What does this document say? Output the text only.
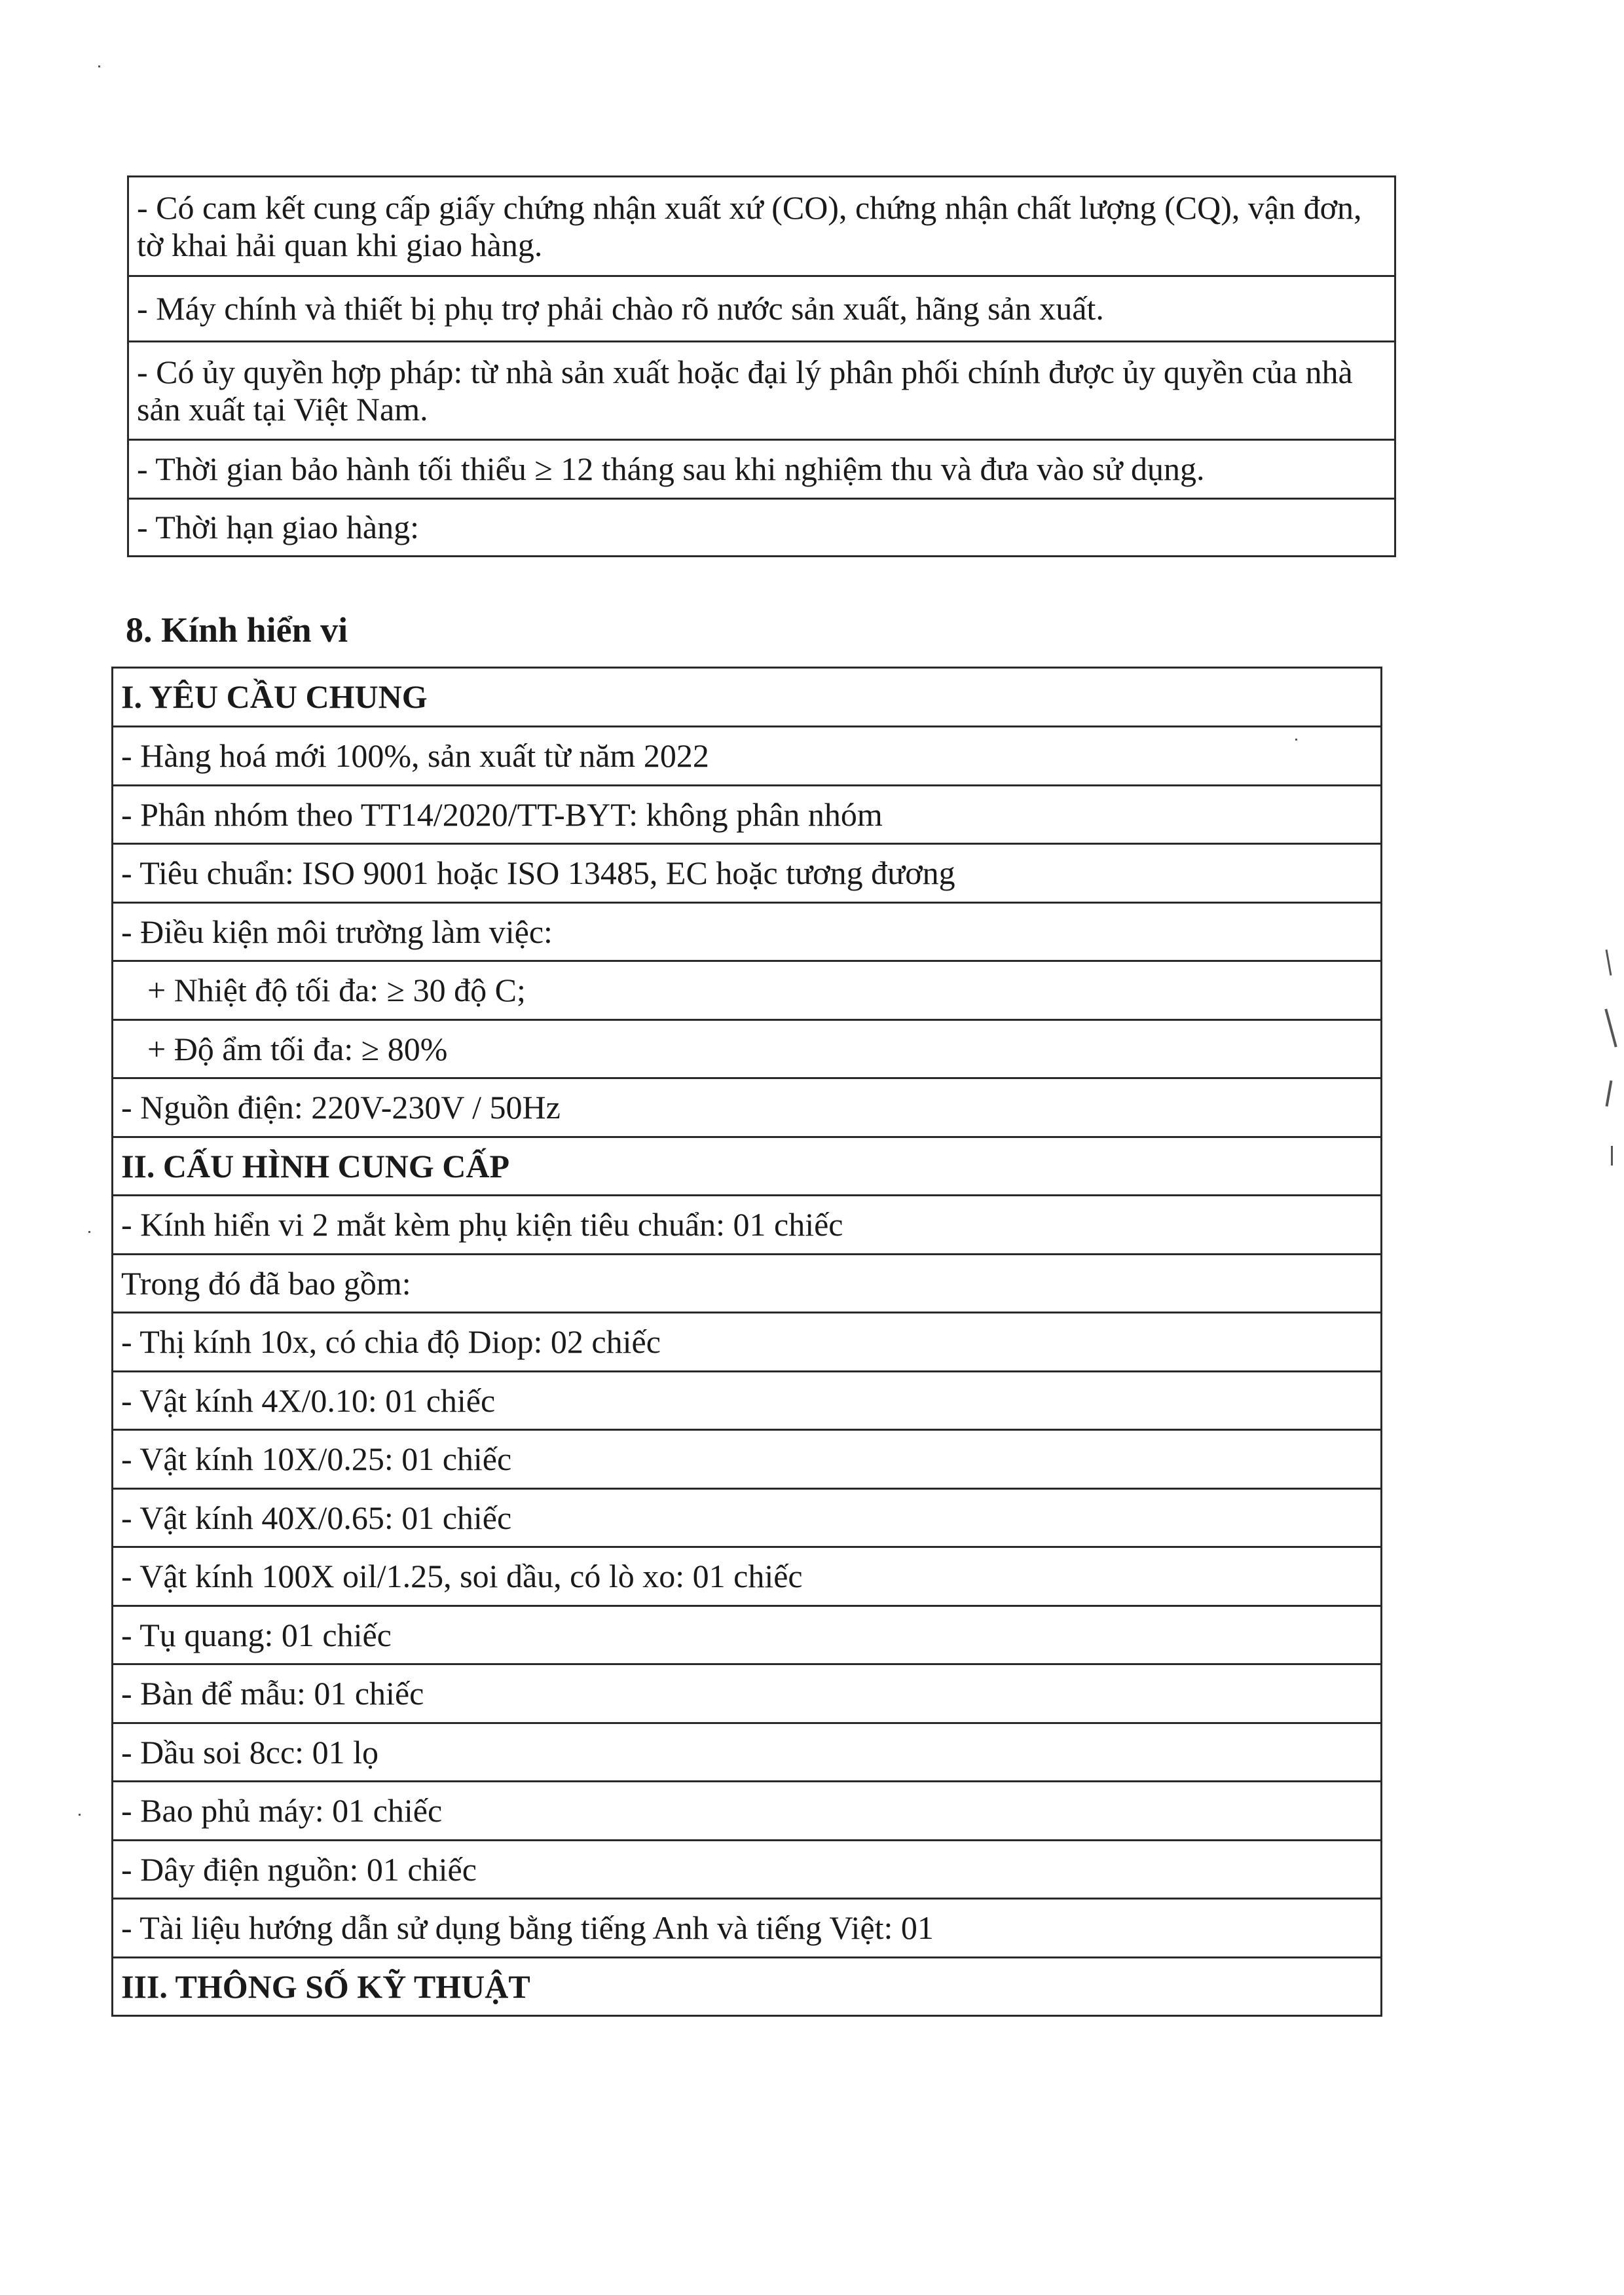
- Có cam kết cung cấp giấy chứng nhận xuất xứ (CO), chứng nhận chất lượng (CQ), vận đơn, tờ khai hải quan khi giao hàng.
- Máy chính và thiết bị phụ trợ phải chào rõ nước sản xuất, hãng sản xuất.
- Có ủy quyền hợp pháp: từ nhà sản xuất hoặc đại lý phân phối chính được ủy quyền của nhà sản xuất tại Việt Nam.
- Thời gian bảo hành tối thiểu ≥ 12 tháng sau khi nghiệm thu và đưa vào sử dụng.
- Thời hạn giao hàng:
8. Kính hiển vi
I. YÊU CẦU CHUNG
- Hàng hoá mới 100%, sản xuất từ năm 2022
- Phân nhóm theo TT14/2020/TT-BYT: không phân nhóm
- Tiêu chuẩn: ISO 9001 hoặc ISO 13485, EC hoặc tương đương
- Điều kiện môi trường làm việc:
+ Nhiệt độ tối đa: ≥ 30 độ C;
+ Độ ẩm tối đa: ≥ 80%
- Nguồn điện: 220V-230V / 50Hz
II. CẤU HÌNH CUNG CẤP
- Kính hiển vi 2 mắt kèm phụ kiện tiêu chuẩn: 01 chiếc
Trong đó đã bao gồm:
- Thị kính 10x, có chia độ Diop: 02 chiếc
- Vật kính 4X/0.10: 01 chiếc
- Vật kính 10X/0.25: 01 chiếc
- Vật kính 40X/0.65: 01 chiếc
- Vật kính 100X oil/1.25, soi dầu, có lò xo: 01 chiếc
- Tụ quang: 01 chiếc
- Bàn để mẫu: 01 chiếc
- Dầu soi 8cc: 01 lọ
- Bao phủ máy: 01 chiếc
- Dây điện nguồn: 01 chiếc
- Tài liệu hướng dẫn sử dụng bằng tiếng Anh và tiếng Việt: 01
III. THÔNG SỐ KỸ THUẬT
